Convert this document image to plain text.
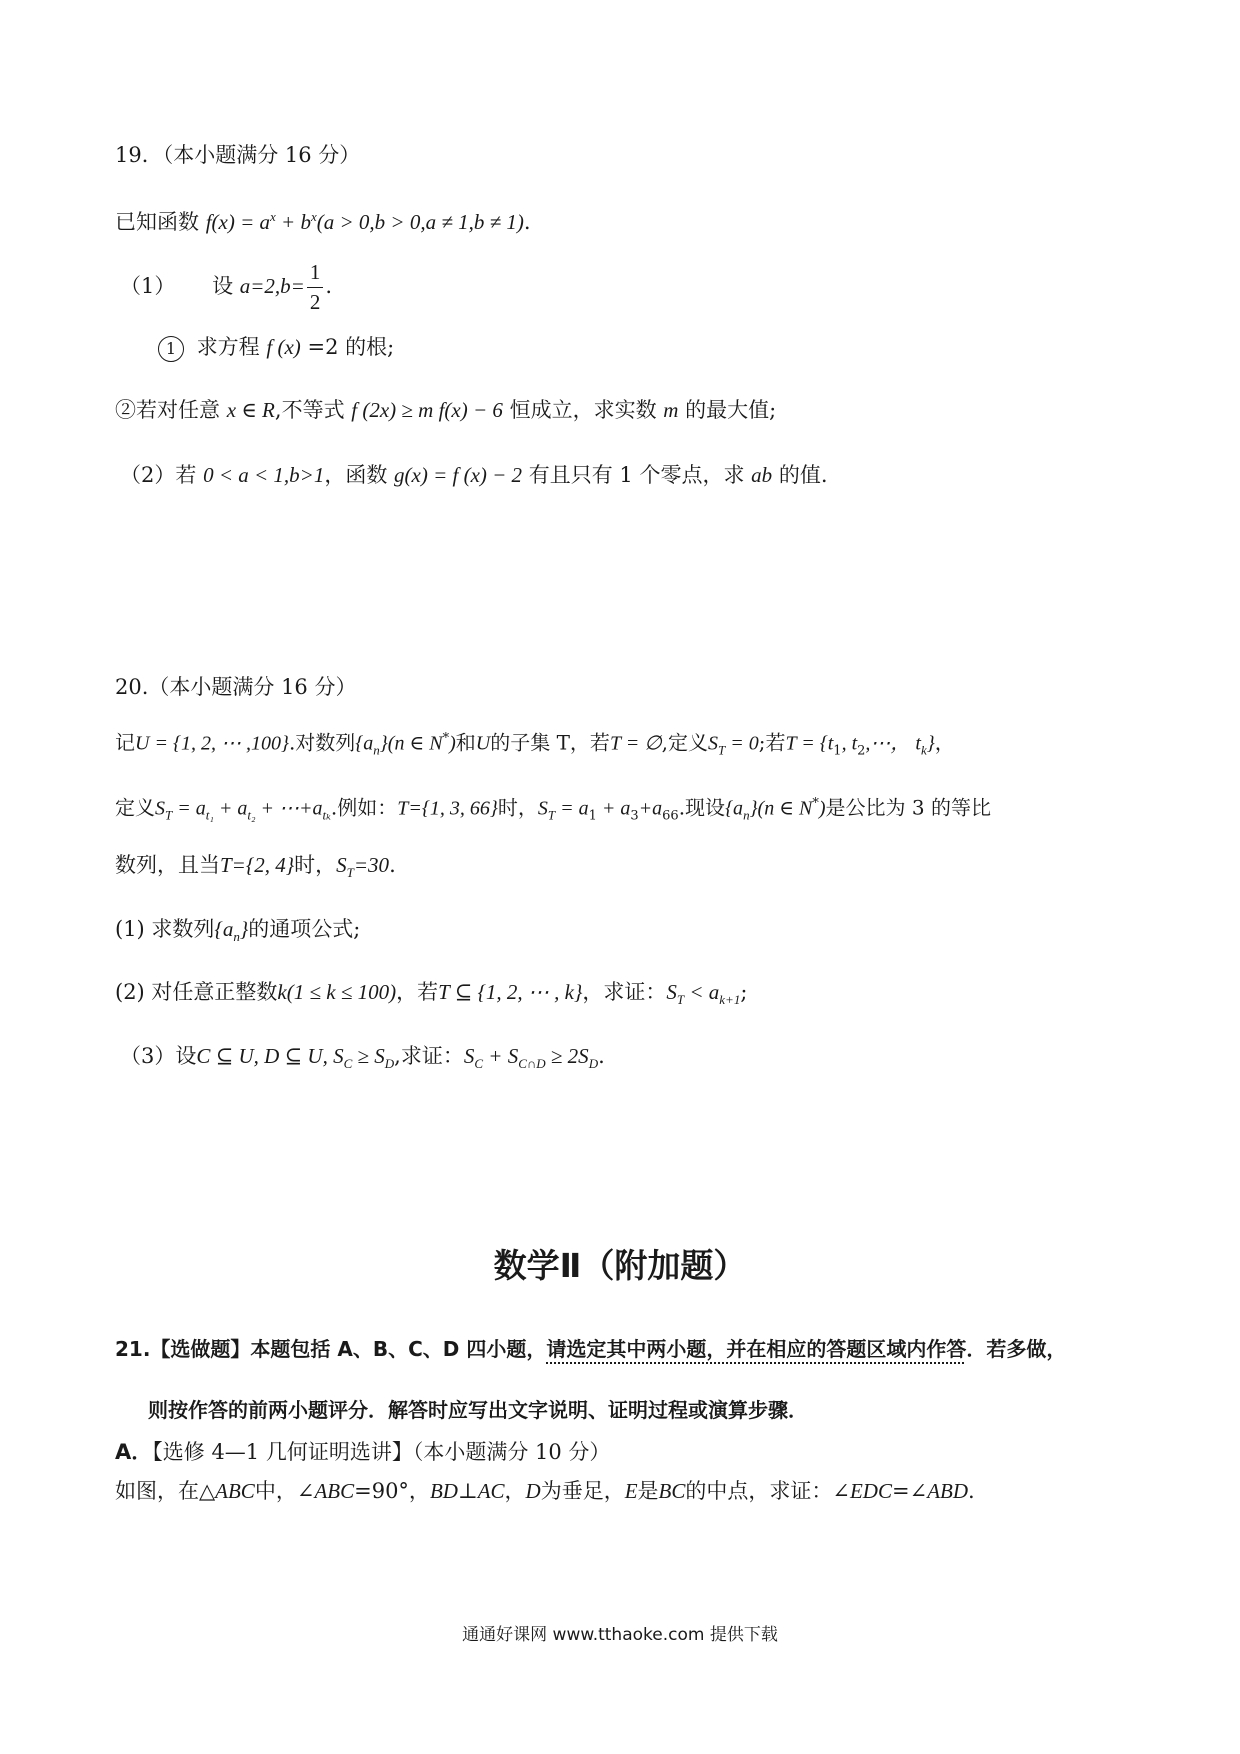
19．（本小题满分 16 分）
已知函数 $f(x) = a^x + b^x(a > 0,b > 0,a \ne 1,b \ne 1)$.
（1） 设 $a=2,b= \frac{1}{2}$ .
1 求方程 f (x) =2 的根;
②若对任意 x ∈ R,不等式 f (2x) ≥ m f(x) − 6 恒成立，求实数 m 的最大值;
（2）若 0 < a < 1,b>1，函数 g(x) = f (x) − 2 有且只有 1 个零点，求 ab 的值.
20.（本小题满分 16 分）
记U = {1, 2, ⋯ ,100}.对数列$\{a_n\}(n$ ∈ N*)和U的子集 T，若T = ∅,定义$S_T = 0$;若$T = \{t_1$, $t_2,\cdots$， $t_k$}，
定义$S_T = a_{t_1} + a_{t_2}$ + $\cdots+a_{t_k}$.例如：T={1, 3, 66}时，$S_T = a_1 + a_3+a_{66}$.现设$\{a_n\}(n$ ∈ N*)是公比为 3 的等比
数列，且当T={2, 4}时，$S_T=30$.
(1) 求数列$\{a_n\}$的通项公式;
(2) 对任意正整数k(1 ≤ k ≤ 100)，若T ⊆ {1, 2, ⋯ , k}，求证：$S_T < a_{k+1}$;
（3）设C ⊆ U, D ⊆ U, $S_C \ge S_D$,求证：$S_C + S_{C\cap D} \ge 2S_D$.
数学Ⅱ（附加题）
21.【选做题】本题包括 A、B、C、D 四小题，请选定其中两小题，并在相应的答题区域内作答．若多做，
则按作答的前两小题评分．解答时应写出文字说明、证明过程或演算步骤．
A．【选修 4—1 几何证明选讲】（本小题满分 10 分）
如图，在△ABC中，∠ABC=90°，BD⊥AC，D为垂足，E是BC的中点，求证：∠EDC=∠ABD.
通通好课网 www.tthaoke.com 提供下载
